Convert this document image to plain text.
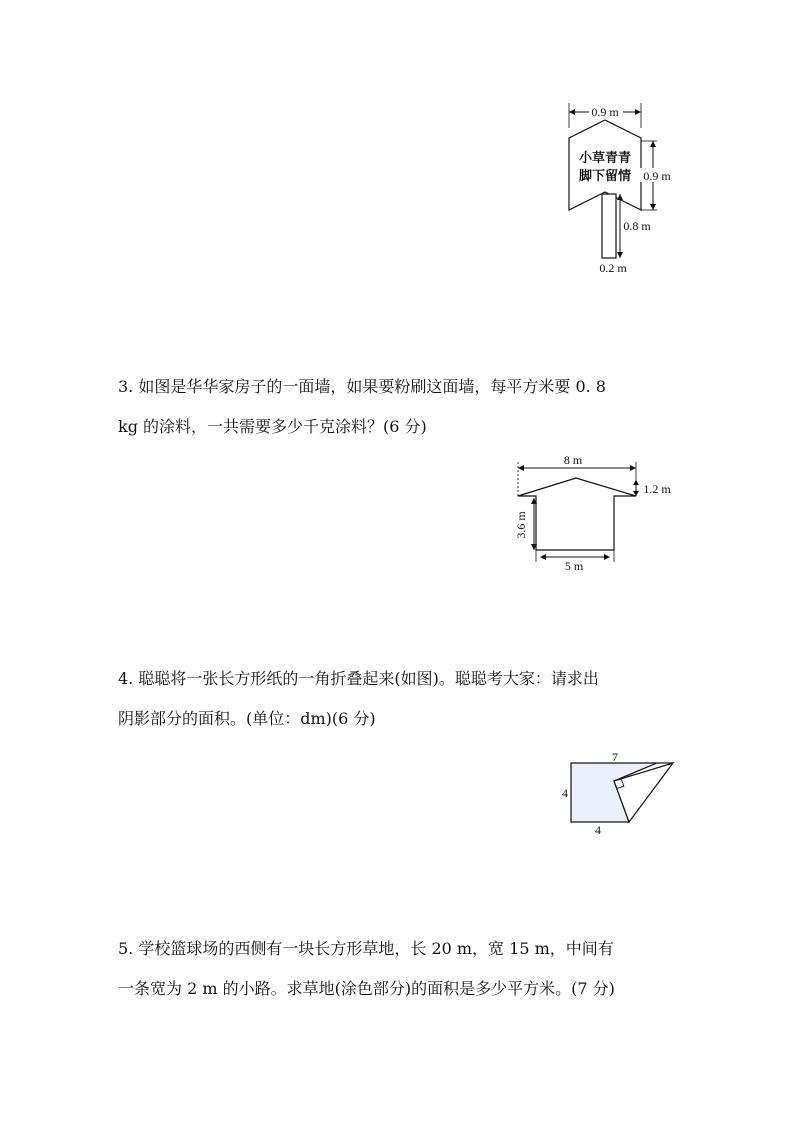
0.9 m
小草青青
脚下留情 0.9 m
0.8 m
0.2 m

3. 如图是华华家房子的一面墙，如果要粉刷这面墙，每平方米要 0. 8

kg 的涂料，一共需要多少千克涂料？(6 分)

8 m
1.2 m
3.6 m
5 m

4. 聪聪将一张长方形纸的一角折叠起来(如图)。聪聪考大家：请求出

阴影部分的面积。(单位：dm)(6 分)

7
4
4

5. 学校篮球场的西侧有一块长方形草地，长 20 m，宽 15 m，中间有

一条宽为 2 m 的小路。求草地(涂色部分)的面积是多少平方米。(7 分)
